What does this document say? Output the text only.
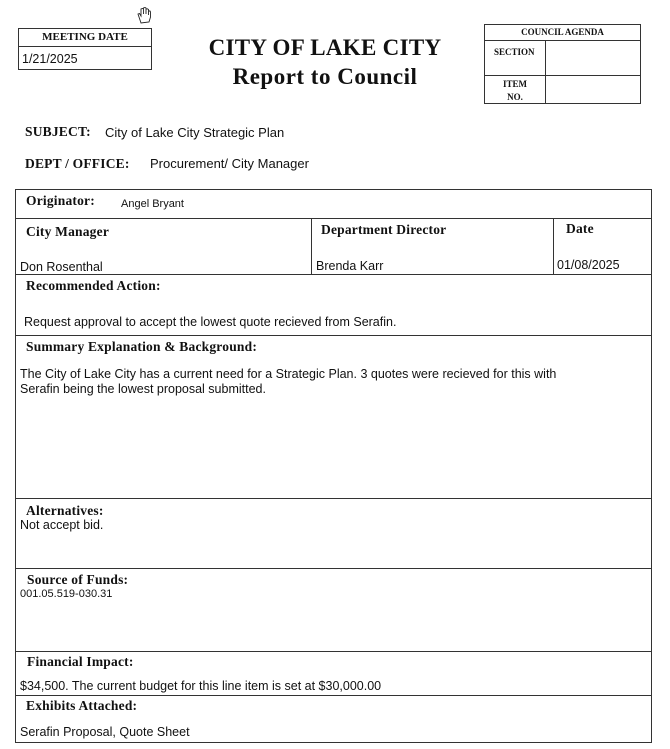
MEETING DATE
1/21/2025	CITY OF LAKE CITY
Report to Council
COUNCIL AGENDA
SECTION
ITEM
NO.
SUBJECT: City of Lake City Strategic Plan
DEPT / OFFICE: Procurement/ City Manager
Originator: Angel Bryant
City Manager
Don Rosenthal
Department Director
Brenda Karr
Date
01/08/2025
Recommended Action:
Request approval to accept the lowest quote recieved from Serafin.
Summary Explanation & Background:
The City of Lake City has a current need for a Strategic Plan. 3 quotes were recieved for this with
Serafin being the lowest proposal submitted.
Alternatives:
Not accept bid.
Source of Funds:
001.05.519-030.31
Financial Impact:
$34,500. The current budget for this line item is set at $30,000.00
Exhibits Attached:
Serafin Proposal, Quote Sheet
